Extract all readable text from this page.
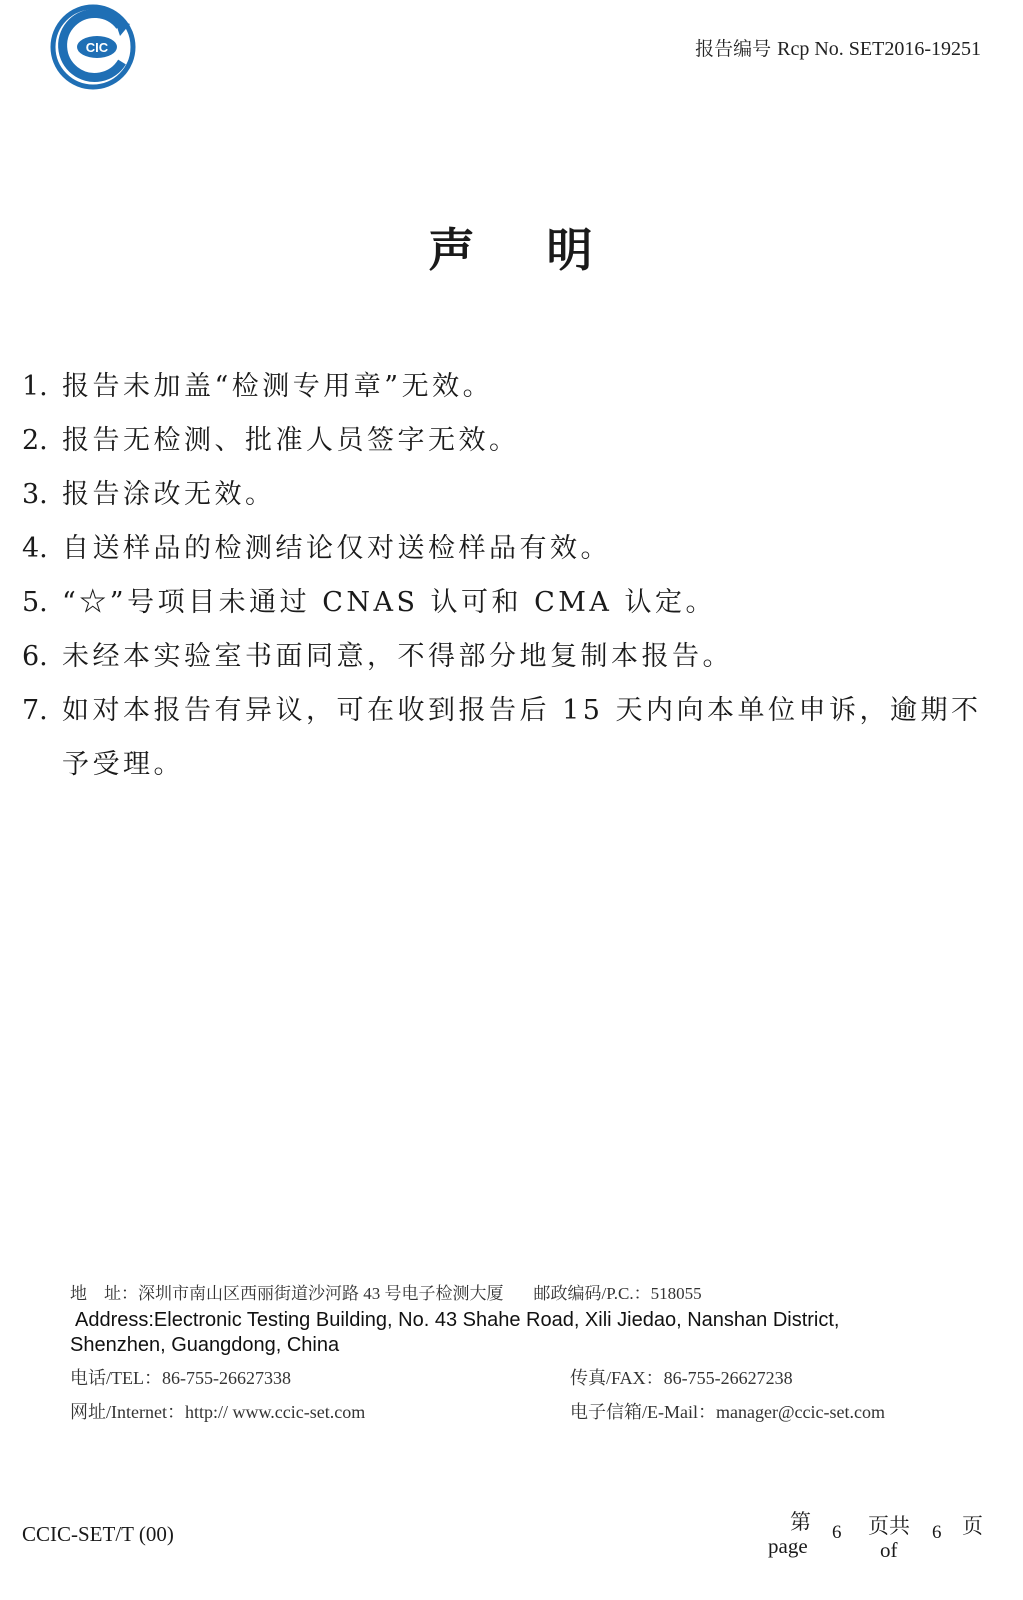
CIC	报告编号 Rcp No. SET2016-19251
声 明
1. 报告未加盖“检测专用章”无效。
2. 报告无检测、批准人员签字无效。
3. 报告涂改无效。
4. 自送样品的检测结论仅对送检样品有效。
5. “☆”号项目未通过 CNAS 认可和 CMA 认定。
6. 未经本实验室书面同意，不得部分地复制本报告。
7. 如对本报告有异议，可在收到报告后 15 天内向本单位申诉，逾期不予受理。
地　址：深圳市南山区西丽街道沙河路 43 号电子检测大厦 邮政编码/P.C.：518055
Address:Electronic Testing Building, No. 43 Shahe Road, Xili Jiedao, Nanshan District,
Shenzhen, Guangdong, China
电话/TEL：86-755-26627338	传真/FAX：86-755-26627238
网址/Internet：http:// www.ccic-set.com	电子信箱/E-Mail：manager@ccic-set.com
CCIC-SET/T (00)	第
page
6 页共
of
6 页
